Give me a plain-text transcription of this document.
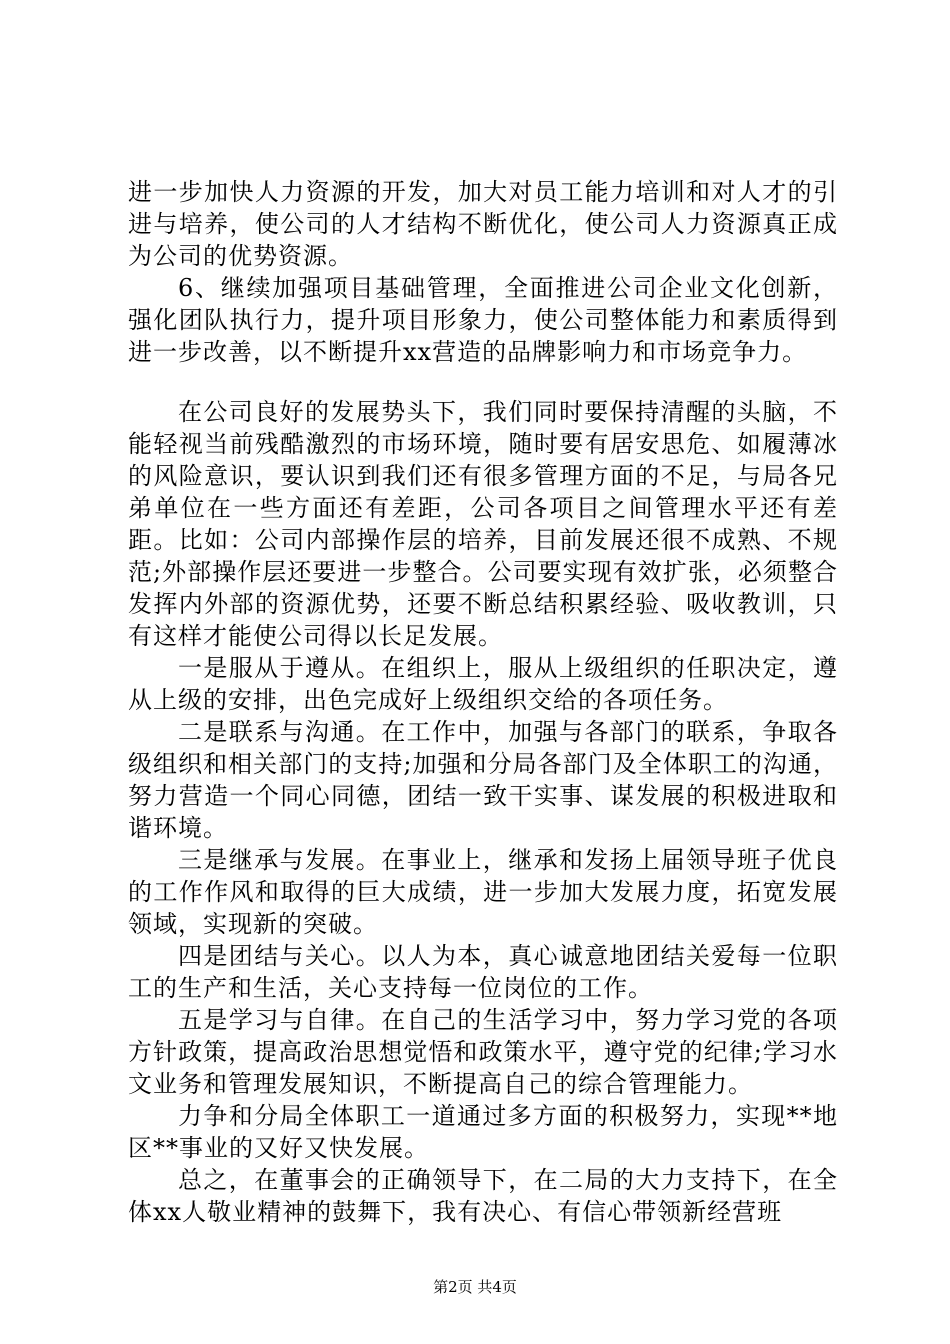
进一步加快人力资源的开发，加大对员工能力培训和对人才的引进与培养，使公司的人才结构不断优化，使公司人力资源真正成为公司的优势资源。

6、继续加强项目基础管理，全面推进公司企业文化创新，强化团队执行力，提升项目形象力，使公司整体能力和素质得到进一步改善，以不断提升xx营造的品牌影响力和市场竞争力。

在公司良好的发展势头下，我们同时要保持清醒的头脑，不能轻视当前残酷激烈的市场环境，随时要有居安思危、如履薄冰的风险意识，要认识到我们还有很多管理方面的不足，与局各兄弟单位在一些方面还有差距，公司各项目之间管理水平还有差距。比如：公司内部操作层的培养，目前发展还很不成熟、不规范;外部操作层还要进一步整合。公司要实现有效扩张，必须整合发挥内外部的资源优势，还要不断总结积累经验、吸收教训，只有这样才能使公司得以长足发展。

一是服从于遵从。在组织上，服从上级组织的任职决定，遵从上级的安排，出色完成好上级组织交给的各项任务。

二是联系与沟通。在工作中，加强与各部门的联系，争取各级组织和相关部门的支持;加强和分局各部门及全体职工的沟通，努力营造一个同心同德，团结一致干实事、谋发展的积极进取和谐环境。

三是继承与发展。在事业上，继承和发扬上届领导班子优良的工作作风和取得的巨大成绩，进一步加大发展力度，拓宽发展领域，实现新的突破。

四是团结与关心。以人为本，真心诚意地团结关爱每一位职工的生产和生活，关心支持每一位岗位的工作。

五是学习与自律。在自己的生活学习中，努力学习党的各项方针政策，提高政治思想觉悟和政策水平，遵守党的纪律;学习水文业务和管理发展知识，不断提高自己的综合管理能力。

力争和分局全体职工一道通过多方面的积极努力，实现**地区**事业的又好又快发展。

总之，在董事会的正确领导下，在二局的大力支持下，在全体xx人敬业精神的鼓舞下，我有决心、有信心带领新经营班

第2页 共4页
